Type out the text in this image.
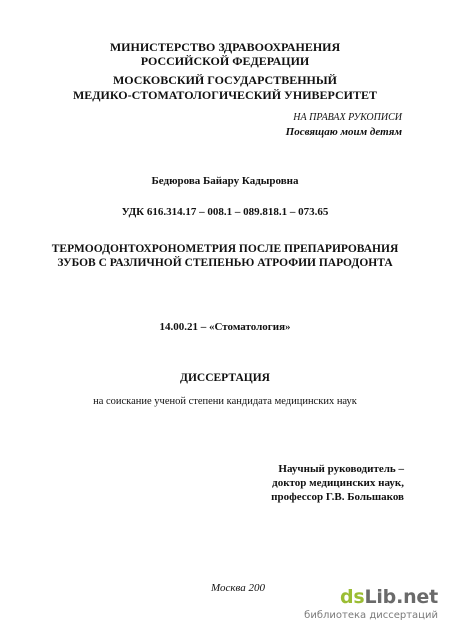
МИНИСТЕРСТВО ЗДРАВООХРАНЕНИЯ
РОССИЙСКОЙ ФЕДЕРАЦИИ
МОСКОВСКИЙ ГОСУДАРСТВЕННЫЙ
МЕДИКО-СТОМАТОЛОГИЧЕСКИЙ УНИВЕРСИТЕТ
НА ПРАВАХ РУКОПИСИ
Посвящаю моим детям
Бедюрова Байару Кадыровна
УДК 616.314.17 – 008.1 – 089.818.1 – 073.65
ТЕРМООДОНТОХРОНОМЕТРИЯ ПОСЛЕ ПРЕПАРИРОВАНИЯ
ЗУБОВ С РАЗЛИЧНОЙ СТЕПЕНЬЮ АТРОФИИ ПАРОДОНТА
14.00.21 – «Стоматология»
ДИССЕРТАЦИЯ
на соискание ученой степени кандидата медицинских наук
Научный руководитель –
доктор медицинских наук,
профессор Г.В. Большаков
Москва 200	dsLib.net
библиотека диссертаций
